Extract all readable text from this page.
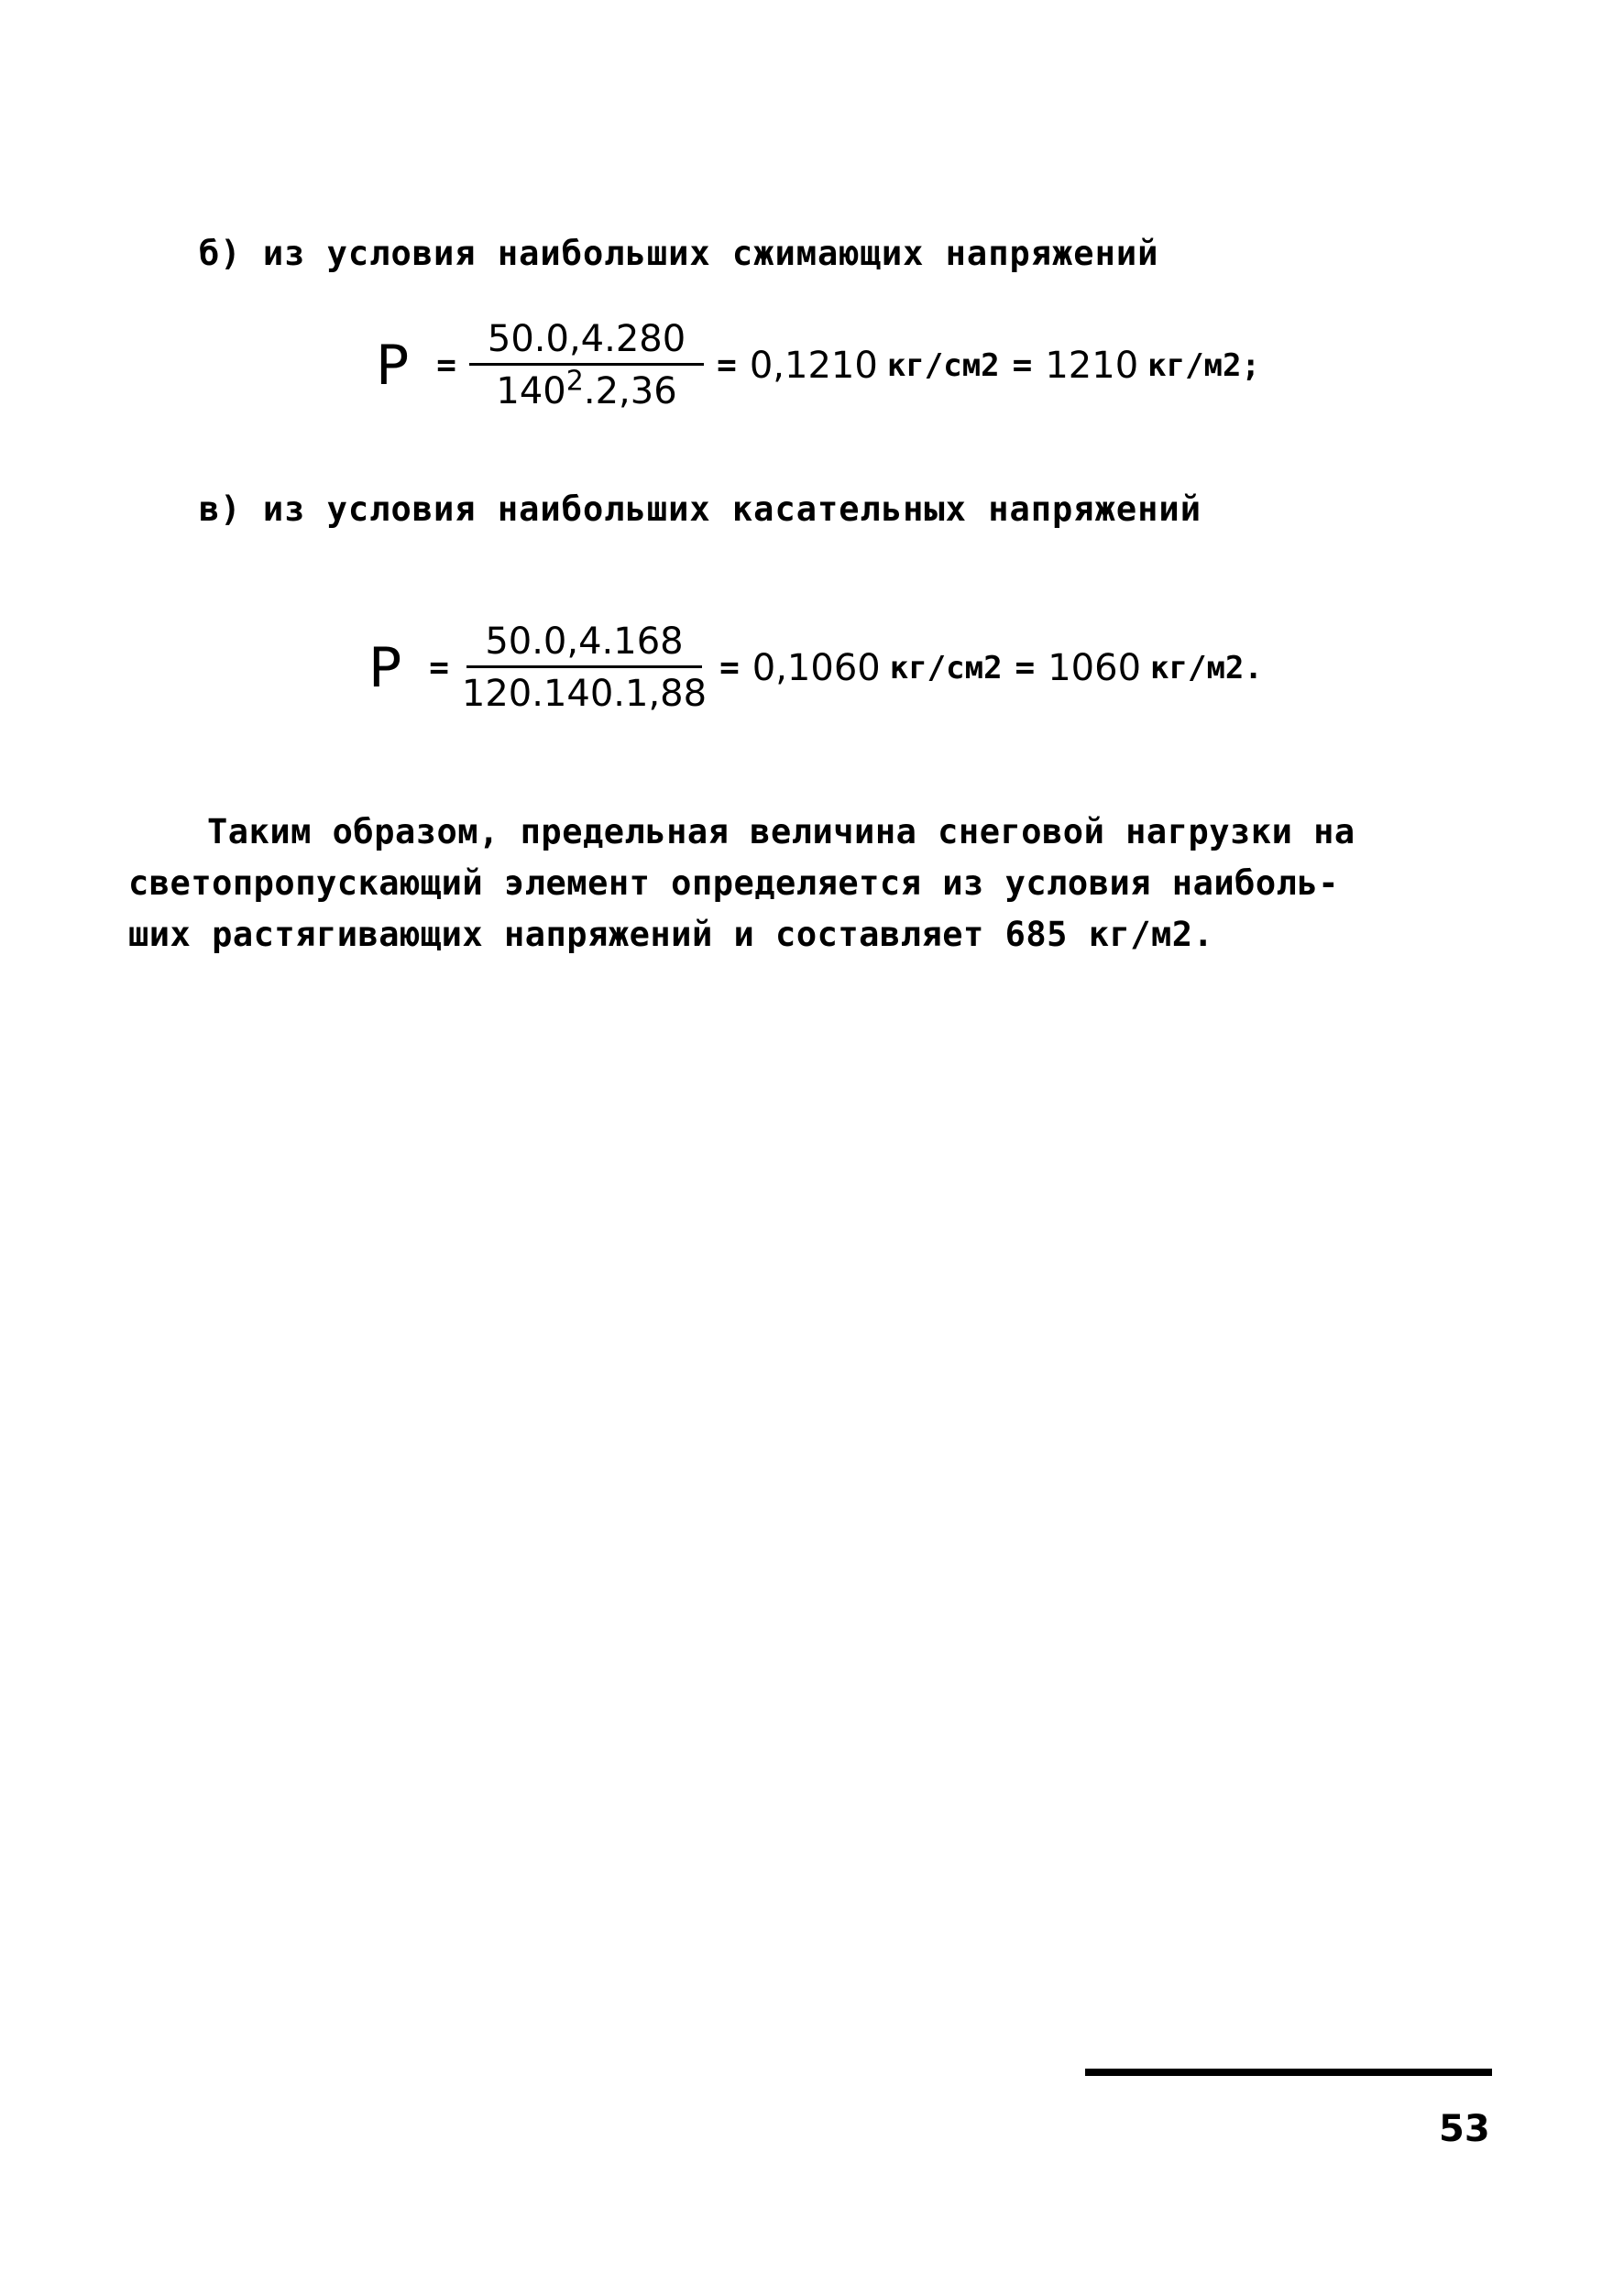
б) из условия наибольших сжимающих напряжений
$P = \frac{50.0,4.280}{140^2.2,36} = 0,1210$ кг/см2 = 1210 кг/м2;
в) из условия наибольших касательных напряжений
$P = \frac{50.0,4.168}{120.140.1,88} = 0,1060$ кг/см2 = 1060 кг/м2.
Таким образом, предельная величина снеговой нагрузки на
светопропускающий элемент определяется из условия наиболь-
ших растягивающих напряжений и составляет 685 кг/м2.
53
